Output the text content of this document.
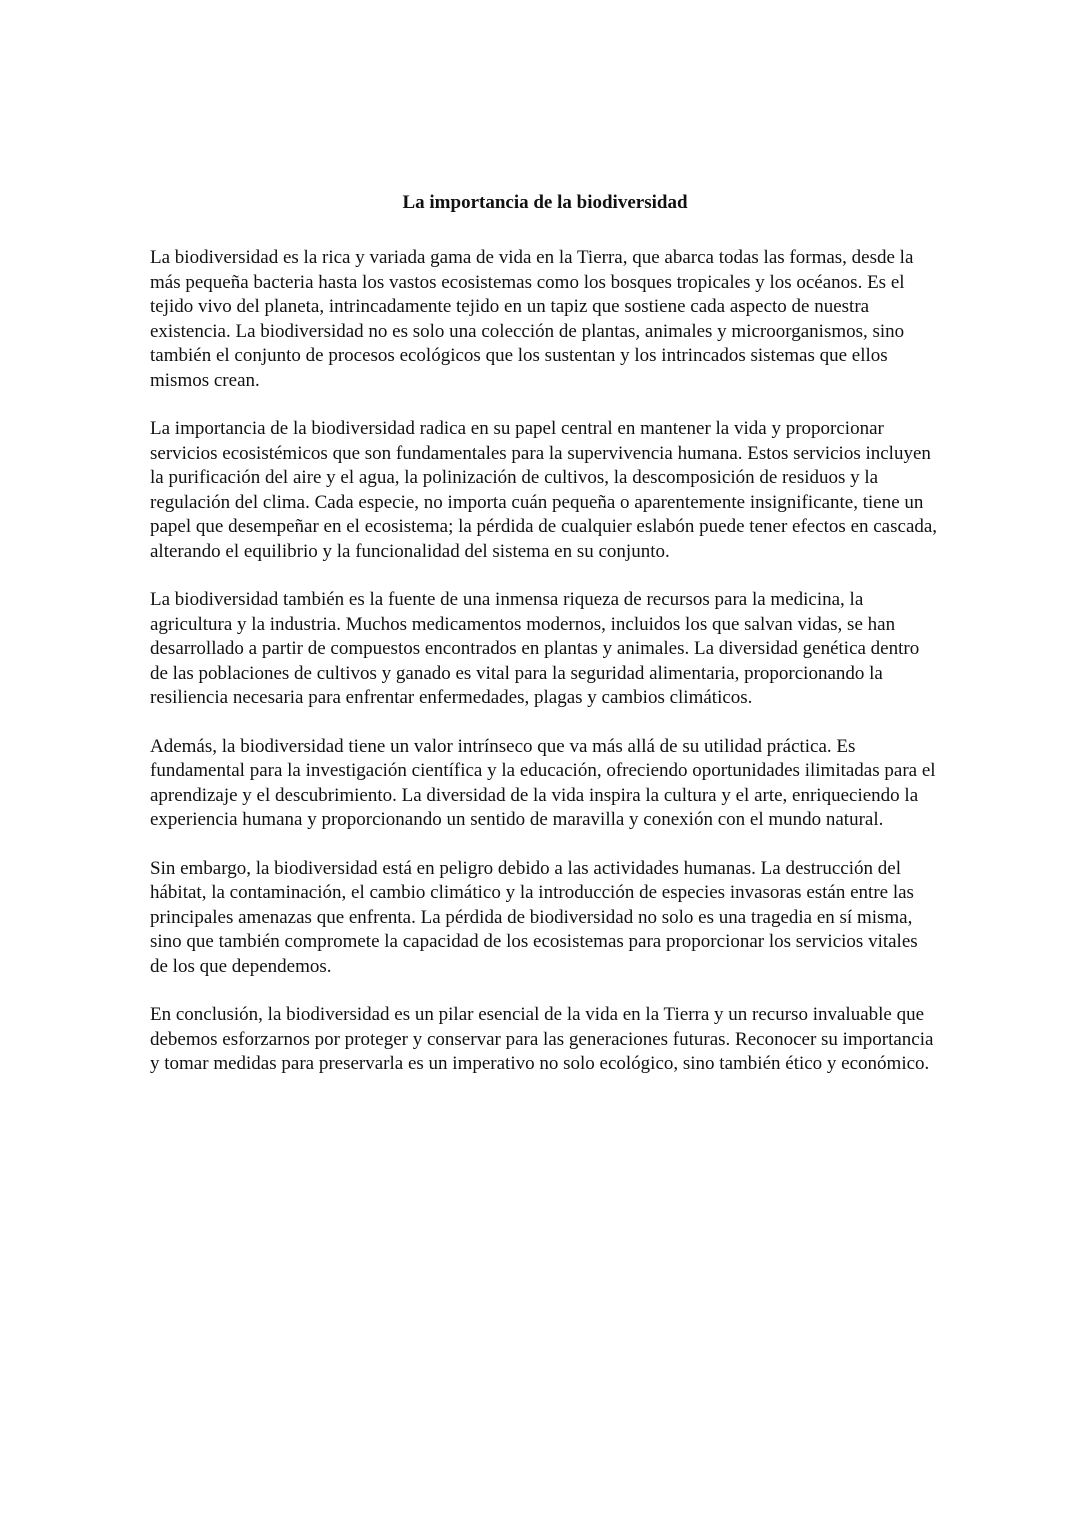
La importancia de la biodiversidad

La biodiversidad es la rica y variada gama de vida en la Tierra, que abarca todas las formas, desde la más pequeña bacteria hasta los vastos ecosistemas como los bosques tropicales y los océanos. Es el tejido vivo del planeta, intrincadamente tejido en un tapiz que sostiene cada aspecto de nuestra existencia. La biodiversidad no es solo una colección de plantas, animales y microorganismos, sino también el conjunto de procesos ecológicos que los sustentan y los intrincados sistemas que ellos mismos crean.

La importancia de la biodiversidad radica en su papel central en mantener la vida y proporcionar servicios ecosistémicos que son fundamentales para la supervivencia humana. Estos servicios incluyen la purificación del aire y el agua, la polinización de cultivos, la descomposición de residuos y la regulación del clima. Cada especie, no importa cuán pequeña o aparentemente insignificante, tiene un papel que desempeñar en el ecosistema; la pérdida de cualquier eslabón puede tener efectos en cascada, alterando el equilibrio y la funcionalidad del sistema en su conjunto.

La biodiversidad también es la fuente de una inmensa riqueza de recursos para la medicina, la agricultura y la industria. Muchos medicamentos modernos, incluidos los que salvan vidas, se han desarrollado a partir de compuestos encontrados en plantas y animales. La diversidad genética dentro de las poblaciones de cultivos y ganado es vital para la seguridad alimentaria, proporcionando la resiliencia necesaria para enfrentar enfermedades, plagas y cambios climáticos.

Además, la biodiversidad tiene un valor intrínseco que va más allá de su utilidad práctica. Es fundamental para la investigación científica y la educación, ofreciendo oportunidades ilimitadas para el aprendizaje y el descubrimiento. La diversidad de la vida inspira la cultura y el arte, enriqueciendo la experiencia humana y proporcionando un sentido de maravilla y conexión con el mundo natural.

Sin embargo, la biodiversidad está en peligro debido a las actividades humanas. La destrucción del hábitat, la contaminación, el cambio climático y la introducción de especies invasoras están entre las principales amenazas que enfrenta. La pérdida de biodiversidad no solo es una tragedia en sí misma, sino que también compromete la capacidad de los ecosistemas para proporcionar los servicios vitales de los que dependemos.

En conclusión, la biodiversidad es un pilar esencial de la vida en la Tierra y un recurso invaluable que debemos esforzarnos por proteger y conservar para las generaciones futuras. Reconocer su importancia y tomar medidas para preservarla es un imperativo no solo ecológico, sino también ético y económico.
